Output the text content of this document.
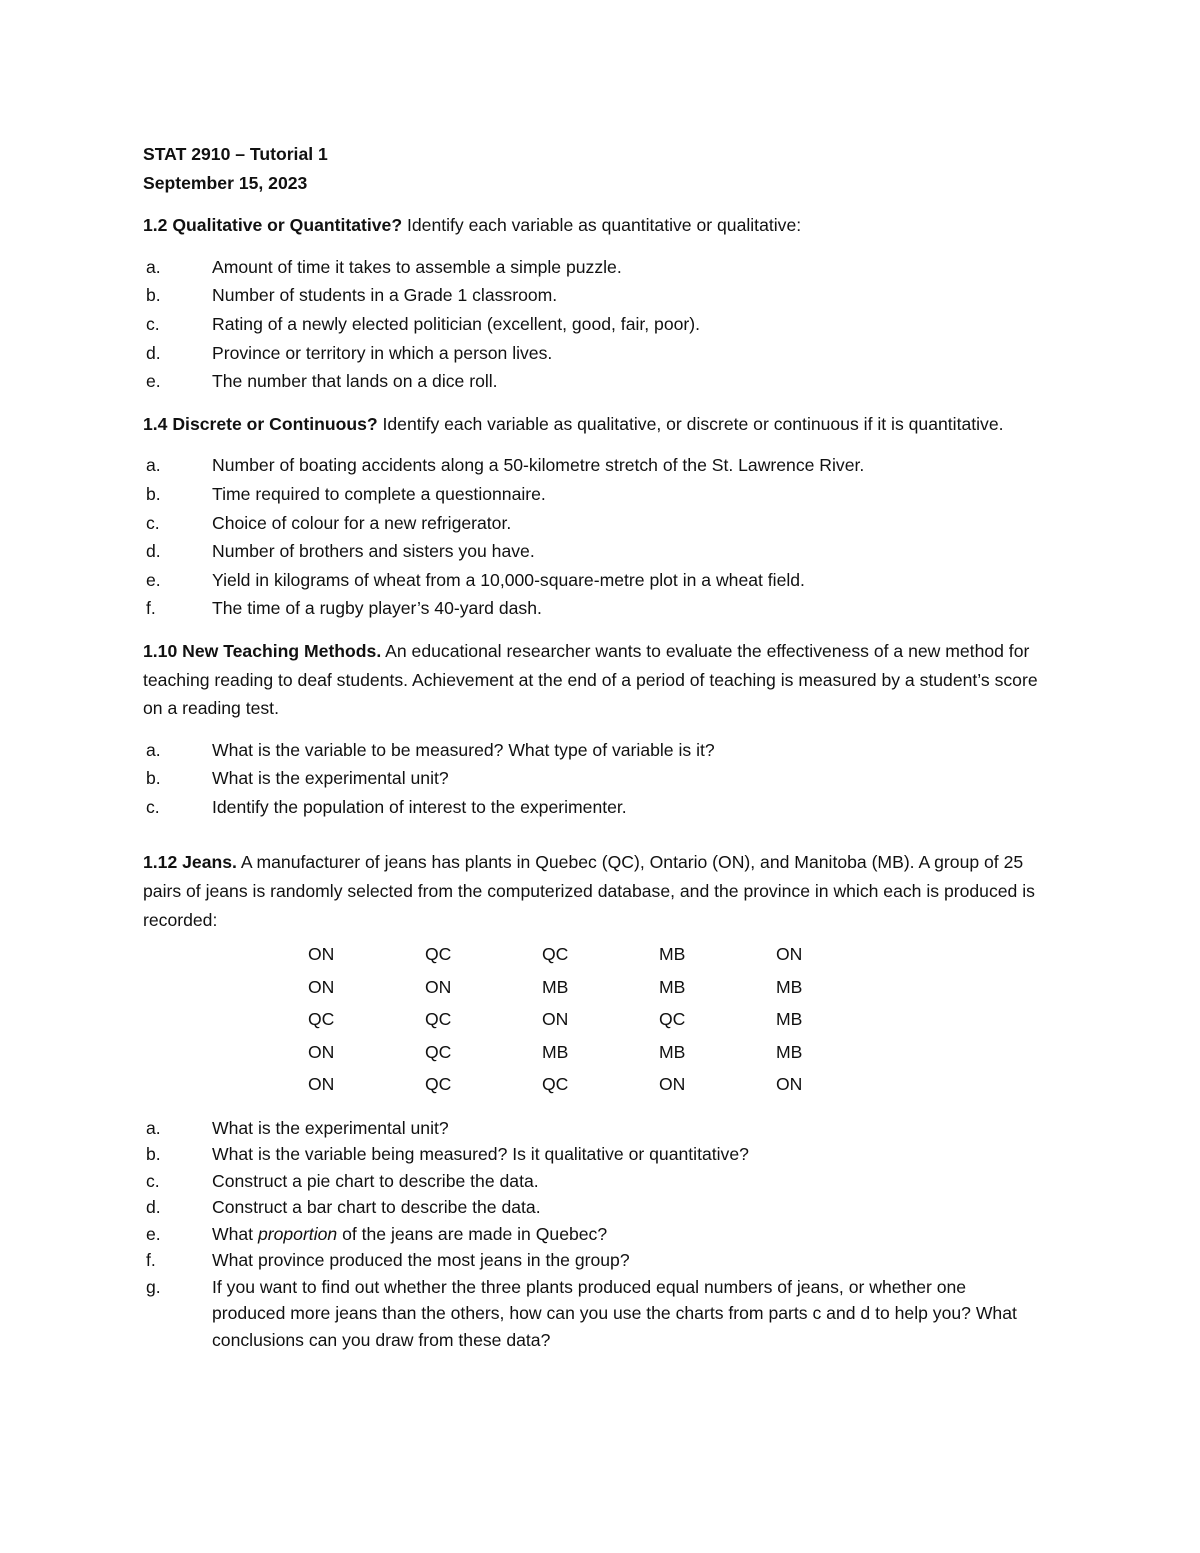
STAT 2910 – Tutorial 1

September 15, 2023

1.2 Qualitative or Quantitative? Identify each variable as quantitative or qualitative:

a.	Amount of time it takes to assemble a simple puzzle.
b.	Number of students in a Grade 1 classroom.
c.	Rating of a newly elected politician (excellent, good, fair, poor).
d.	Province or territory in which a person lives.
e.	The number that lands on a dice roll.

1.4 Discrete or Continuous? Identify each variable as qualitative, or discrete or continuous if it is quantitative.

a.	Number of boating accidents along a 50-kilometre stretch of the St. Lawrence River.
b.	Time required to complete a questionnaire.
c.	Choice of colour for a new refrigerator.
d.	Number of brothers and sisters you have.
e.	Yield in kilograms of wheat from a 10,000-square-metre plot in a wheat field.
f.	The time of a rugby player’s 40-yard dash.

1.10 New Teaching Methods. An educational researcher wants to evaluate the effectiveness of a new method for teaching reading to deaf students. Achievement at the end of a period of teaching is measured by a student’s score on a reading test.

a.	What is the variable to be measured? What type of variable is it?
b.	What is the experimental unit?
c.	Identify the population of interest to the experimenter.

1.12 Jeans. A manufacturer of jeans has plants in Quebec (QC), Ontario (ON), and Manitoba (MB). A group of 25 pairs of jeans is randomly selected from the computerized database, and the province in which each is produced is recorded:

ON	QC	QC	MB	ON
ON	ON	MB	MB	MB
QC	QC	ON	QC	MB
ON	QC	MB	MB	MB
ON	QC	QC	ON	ON
a.	What is the experimental unit?
b.	What is the variable being measured? Is it qualitative or quantitative?
c.	Construct a pie chart to describe the data.
d.	Construct a bar chart to describe the data.
e.	What proportion of the jeans are made in Quebec?
f.	What province produced the most jeans in the group?
g.	If you want to find out whether the three plants produced equal numbers of jeans, or whether one produced more jeans than the others, how can you use the charts from parts c and d to help you? What conclusions can you draw from these data?
